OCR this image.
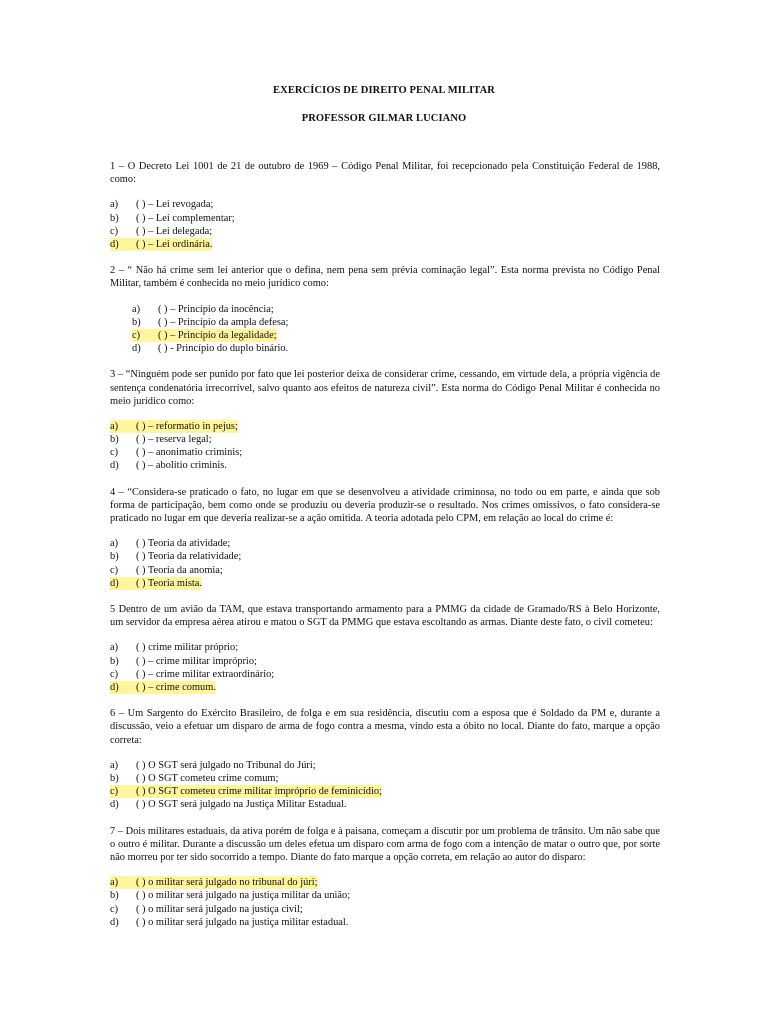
EXERCÍCIOS DE DIREITO PENAL MILITAR
PROFESSOR GILMAR LUCIANO

1 – O Decreto Lei 1001 de 21 de outubro de 1969 – Código Penal Militar, foi recepcionado pela Constituição Federal de 1988, como:

a)	( ) – Lei revogada;
b)	( ) – Lei complementar;
c)	( ) – Lei delegada;
d)	( ) – Lei ordinária.

2 – “ Não há crime sem lei anterior que o defina, nem pena sem prévia cominação legal”. Esta norma prevista no Código Penal Militar, também é conhecida no meio jurídico como:

a)	( ) – Princípio da inocência;
b)	( ) – Princípio da ampla defesa;
c)	( ) – Princípio da legalidade;
d)	( ) - Princípio do duplo binário.

3 – “Ninguém pode ser punido por fato que lei posterior deixa de considerar crime, cessando, em virtude dela, a própria vigência de sentença condenatória irrecorrível, salvo quanto aos efeitos de natureza civil”. Esta norma do Código Penal Militar é conhecida no meio jurídico como:

a)	( ) – reformatio in pejus;
b)	( ) – reserva legal;
c)	( ) – anonimatio criminis;
d)	( ) – abolitio criminis.

4 – “Considera-se praticado o fato, no lugar em que se desenvolveu a atividade criminosa, no todo ou em parte, e ainda que sob forma de participação, bem como onde se produziu ou deveria produzir-se o resultado. Nos crimes omissivos, o fato considera-se praticado no lugar em que deveria realizar-se a ação omitida. A teoria adotada pelo CPM, em relação ao local do crime é:

a)	( ) Teoria da atividade;
b)	( ) Teoria da relatividade;
c)	( ) Teoria da anomia;
d)	( ) Teoria mista.

5 Dentro de um avião da TAM, que estava transportando armamento para a PMMG da cidade de Gramado/RS à Belo Horizonte, um servidor da empresa aérea atirou e matou o SGT da PMMG que estava escoltando as armas. Diante deste fato, o civil cometeu:

a)	( ) crime militar próprio;
b)	( ) – crime militar impróprio;
c)	( ) – crime militar extraordinário;
d)	( ) – crime comum.

6 – Um Sargento do Exército Brasileiro, de folga e em sua residência, discutiu com a esposa que é Soldado da PM e, durante a discussão, veio a efetuar um disparo de arma de fogo contra a mesma, vindo esta a óbito no local. Diante do fato, marque a opção correta:

a)	( ) O SGT será julgado no Tribunal do Júri;
b)	( ) O SGT cometeu crime comum;
c)	( ) O SGT cometeu crime militar impróprio de feminicídio;
d)	( ) O SGT será julgado na Justiça Militar Estadual.

7 – Dois militares estaduais, da ativa porém de folga e à paisana, começam a discutir por um problema de trânsito. Um não sabe que o outro é militar. Durante a discussão um deles efetua um disparo com arma de fogo com a intenção de matar o outro que, por sorte não morreu por ter sido socorrido a tempo. Diante do fato marque a opção correta, em relação ao autor do disparo:

a)	( ) o militar será julgado no tribunal do júri;
b)	( ) o militar será julgado na justiça militar da união;
c)	( ) o militar será julgado na justiça civil;
d)	( ) o militar será julgado na justiça militar estadual.
